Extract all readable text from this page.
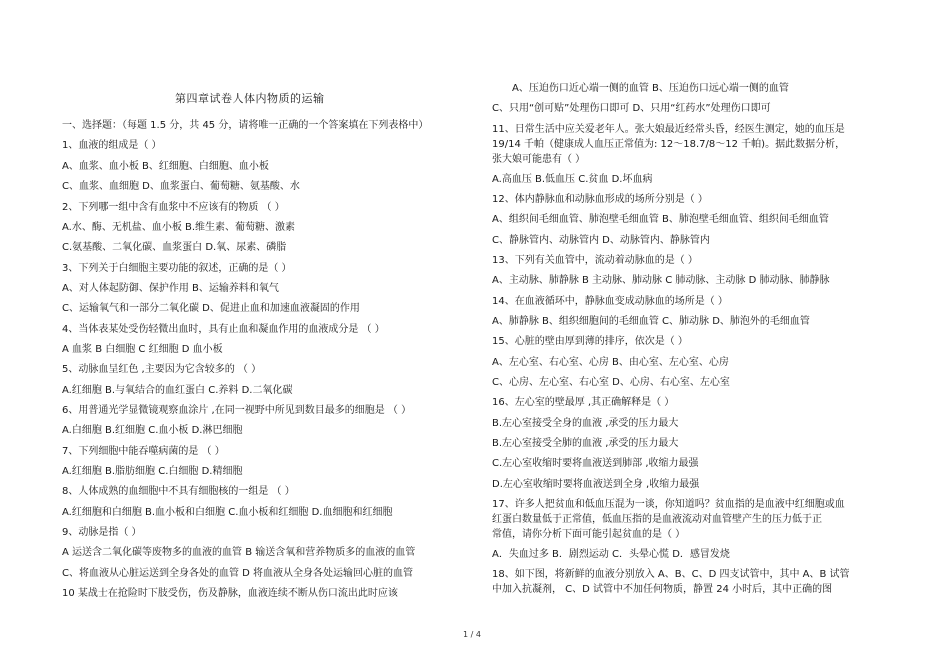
第四章试卷人体内物质的运输
一、选择题：（每题 1.5 分，共 45 分，请将唯一正确的一个答案填在下列表格中）
1、血液的组成是（ ）
A、血浆、血小板 B、红细胞、白细胞、血小板
C、血浆、血细胞 D、血浆蛋白、葡萄糖、氨基酸、水
2、下列哪一组中含有血浆中不应该有的物质 （ ）
A.水、酶、无机盐、血小板 B.维生素、葡萄糖、激素
C.氨基酸、二氧化碳、血浆蛋白 D.氧、尿素、磷脂
3、下列关于白细胞主要功能的叙述，正确的是（ ）
A、对人体起防御、保护作用 B、运输养料和氧气
C、运输氧气和一部分二氧化碳 D、促进止血和加速血液凝固的作用
4、当体表某处受伤轻微出血时，具有止血和凝血作用的血液成分是 （ ）
A 血浆 B 白细胞 C 红细胞 D 血小板
5、动脉血呈红色 ,主要因为它含较多的 （ ）
A.红细胞 B.与氧结合的血红蛋白 C.养料 D.二氧化碳
6、用普通光学显微镜观察血涂片 ,在同一视野中所见到数目最多的细胞是 （ ）
A.白细胞 B.红细胞 C.血小板 D.淋巴细胞
7、下列细胞中能吞噬病菌的是 （ ）
A.红细胞 B.脂肪细胞 C.白细胞 D.精细胞
8、人体成熟的血细胞中不具有细胞核的一组是 （ ）
A.红细胞和白细胞 B.血小板和白细胞 C.血小板和红细胞 D.血细胞和红细胞
9、动脉是指（ ）
A 运送含二氧化碳等废物多的血液的血管 B 输送含氧和营养物质多的血液的血管
C、将血液从心脏运送到全身各处的血管 D 将血液从全身各处运输回心脏的血管
10 某战士在抢险时下肢受伤，伤及静脉，血液连续不断从伤口流出此时应该
A、压迫伤口近心端一侧的血管 B、压迫伤口远心端一侧的血管
C、只用“创可贴”处理伤口即可 D、只用“红药水”处理伤口即可
11、日常生活中应关爱老年人。张大娘最近经常头昏，经医生测定，她的血压是
19/14 千帕（健康成人血压正常值为: 12～18.7/8～12 千帕)。据此数据分析，
张大娘可能患有（ ）
A.高血压 B.低血压 C.贫血 D.坏血病
12、体内静脉血和动脉血形成的场所分别是（ ）
A、组织间毛细血管、肺泡壁毛细血管 B、肺泡壁毛细血管、组织间毛细血管
C、静脉管内、动脉管内 D、动脉管内、静脉管内
13、下列有关血管中，流动着动脉血的是（ ）
A、主动脉、肺静脉 B 主动脉、肺动脉 C 肺动脉、主动脉 D 肺动脉、肺静脉
14、在血液循环中，静脉血变成动脉血的场所是（ ）
A、肺静脉 B、组织细胞间的毛细血管 C、肺动脉 D、肺泡外的毛细血管
15、心脏的壁由厚到薄的排序，依次是（ ）
A、左心室、右心室、心房 B、由心室、左心室、心房
C、心房、左心室、右心室 D、心房、右心室、左心室
16、左心室的壁最厚 ,其正确解释是（ ）
B.左心室接受全身的血液 ,承受的压力最大
B.左心室接受全肺的血液 ,承受的压力最大
C.左心室收缩时要将血液送到肺部 ,收缩力最强
D.左心室收缩时要将血液送到全身 ,收缩力最强
17、许多人把贫血和低血压混为一谈，你知道吗？贫血指的是血液中红细胞或血
红蛋白数量低于正常值，低血压指的是血液流动对血管壁产生的压力低于正
常值，请你分析下面可能引起贫血的是（ ）
A．失血过多 B．剧烈运动 C．头晕心慌 D．感冒发烧
18、如下图，将新鲜的血液分别放入 A、B、C、D 四支试管中，其中 A、B 试管
中加入抗凝剂， C、D 试管中不加任何物质，静置 24 小时后，其中正确的图
1 / 4
